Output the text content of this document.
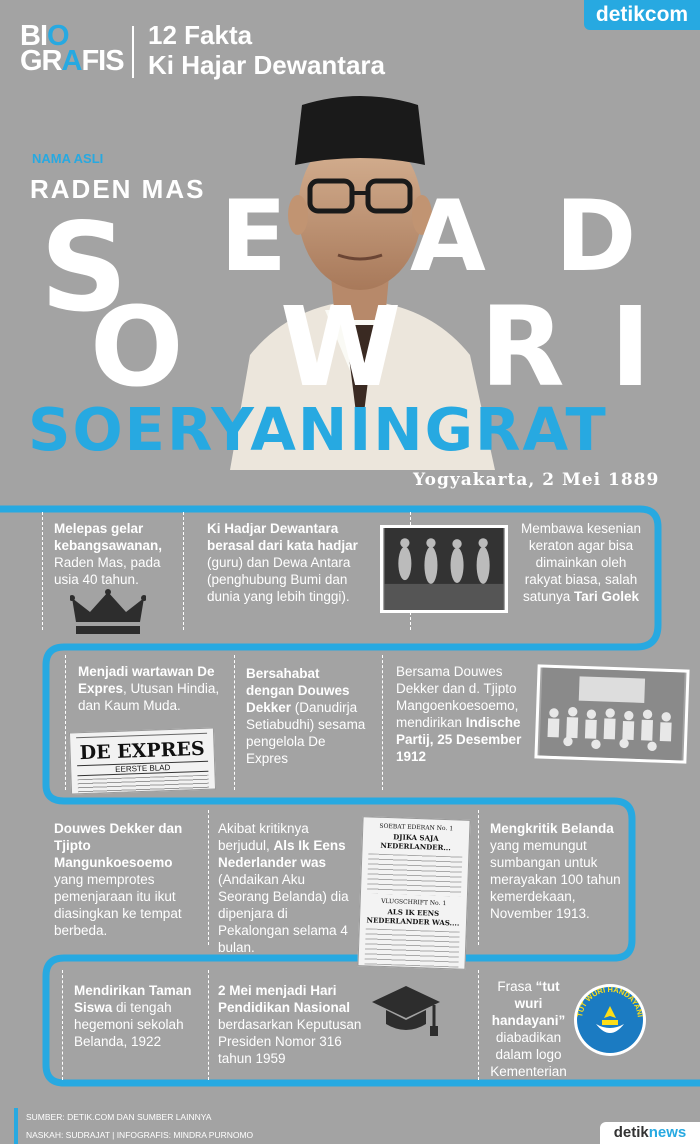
BIO
GRAFIS
12 Fakta
Ki Hajar Dewantara
detikcom
NAMA ASLI
RADEN MAS
S E A D
O W R I
SOERYANINGRAT
Yogyakarta, 2 Mei 1889
Melepas gelar kebangsawanan, Raden Mas, pada usia 40 tahun.
Ki Hadjar Dewantara berasal dari kata hadjar (guru) dan Dewa Antara (penghubung Bumi dan dunia yang lebih tinggi).
Membawa kesenian keraton agar bisa dimainkan oleh rakyat biasa, salah satunya Tari Golek
Menjadi wartawan De Expres, Utusan Hindia, dan Kaum Muda.
DE EXPRES
EERSTE BLAD
Bersahabat dengan Douwes Dekker (Danudirja Setiabudhi) sesama pengelola De Expres
Bersama Douwes Dekker dan d. Tjipto Mangoenkoesoemo, mendirikan Indische Partij, 25 Desember 1912
Douwes Dekker dan Tjipto Mangunkoesoemo yang memprotes pemenjaraan itu ikut diasingkan ke tempat berbeda.
Akibat kritiknya berjudul, Als Ik Eens Nederlander was (Andaikan Aku Seorang Belanda) dia dipenjara di Pekalongan selama 4 bulan.
SOEBAT EDERAN No. 1
DJIKA SAJA NEDERLANDER...
VLUGSCHRIFT No. 1
ALS IK EENS NEDERLANDER WAS....
Mengkritik Belanda yang memungut sumbangan untuk merayakan 100 tahun kemerdekaan, November 1913.
Mendirikan Taman Siswa di tengah hegemoni sekolah Belanda, 1922
2 Mei menjadi Hari Pendidikan Nasional berdasarkan Keputusan Presiden Nomor 316 tahun 1959
Frasa “tut wuri handayani” diabadikan dalam logo Kementerian
TUT WURI HANDAYANI
SUMBER: DETIK.COM DAN SUMBER LAINNYA
NASKAH: SUDRAJAT | INFOGRAFIS: MINDRA PURNOMO	detiknews
